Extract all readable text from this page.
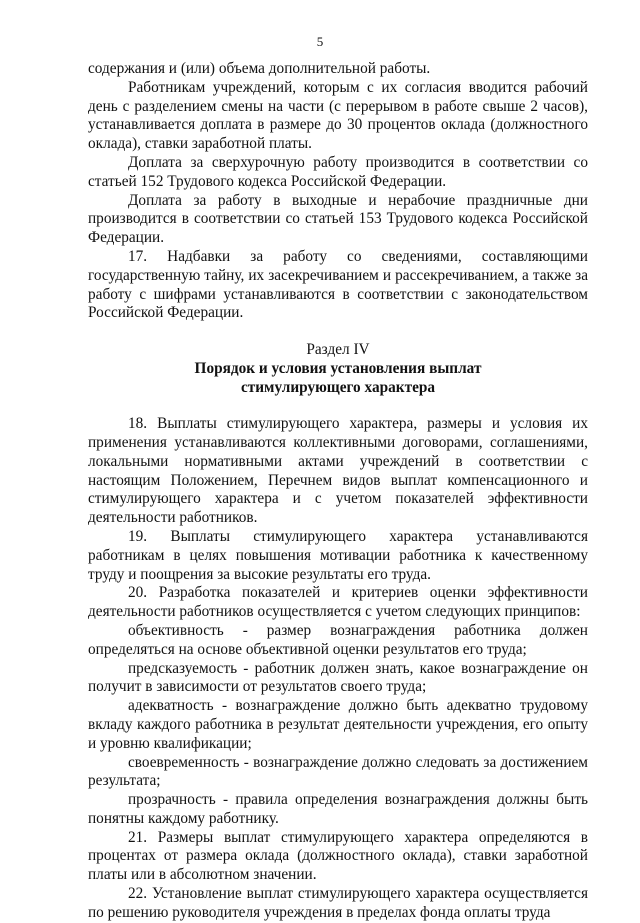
5

содержания и (или) объема дополнительной работы.

Работникам учреждений, которым с их согласия вводится рабочий день с разделением смены на части (с перерывом в работе свыше 2 часов), устанавливается доплата в размере до 30 процентов оклада (должностного оклада), ставки заработной платы.

Доплата за сверхурочную работу производится в соответствии со статьей 152 Трудового кодекса Российской Федерации.

Доплата за работу в выходные и нерабочие праздничные дни производится в соответствии со статьей 153 Трудового кодекса Российской Федерации.

17. Надбавки за работу со сведениями, составляющими государственную тайну, их засекречиванием и рассекречиванием, а также за работу с шифрами устанавливаются в соответствии с законодательством Российской Федерации.

Раздел IV
Порядок и условия установления выплат
стимулирующего характера

18. Выплаты стимулирующего характера, размеры и условия их применения устанавливаются коллективными договорами, соглашениями, локальными нормативными актами учреждений в соответствии с настоящим Положением, Перечнем видов выплат компенсационного и стимулирующего характера и с учетом показателей эффективности деятельности работников.

19. Выплаты стимулирующего характера устанавливаются работникам в целях повышения мотивации работника к качественному труду и поощрения за высокие результаты его труда.

20. Разработка показателей и критериев оценки эффективности деятельности работников осуществляется с учетом следующих принципов:

объективность - размер вознаграждения работника должен определяться на основе объективной оценки результатов его труда;

предсказуемость - работник должен знать, какое вознаграждение он получит в зависимости от результатов своего труда;

адекватность - вознаграждение должно быть адекватно трудовому вкладу каждого работника в результат деятельности учреждения, его опыту и уровню квалификации;

своевременность - вознаграждение должно следовать за достижением результата;

прозрачность - правила определения вознаграждения должны быть понятны каждому работнику.

21. Размеры выплат стимулирующего характера определяются в процентах от размера оклада (должностного оклада), ставки заработной платы или в абсолютном значении.

22. Установление выплат стимулирующего характера осуществляется по решению руководителя учреждения в пределах фонда оплаты труда
